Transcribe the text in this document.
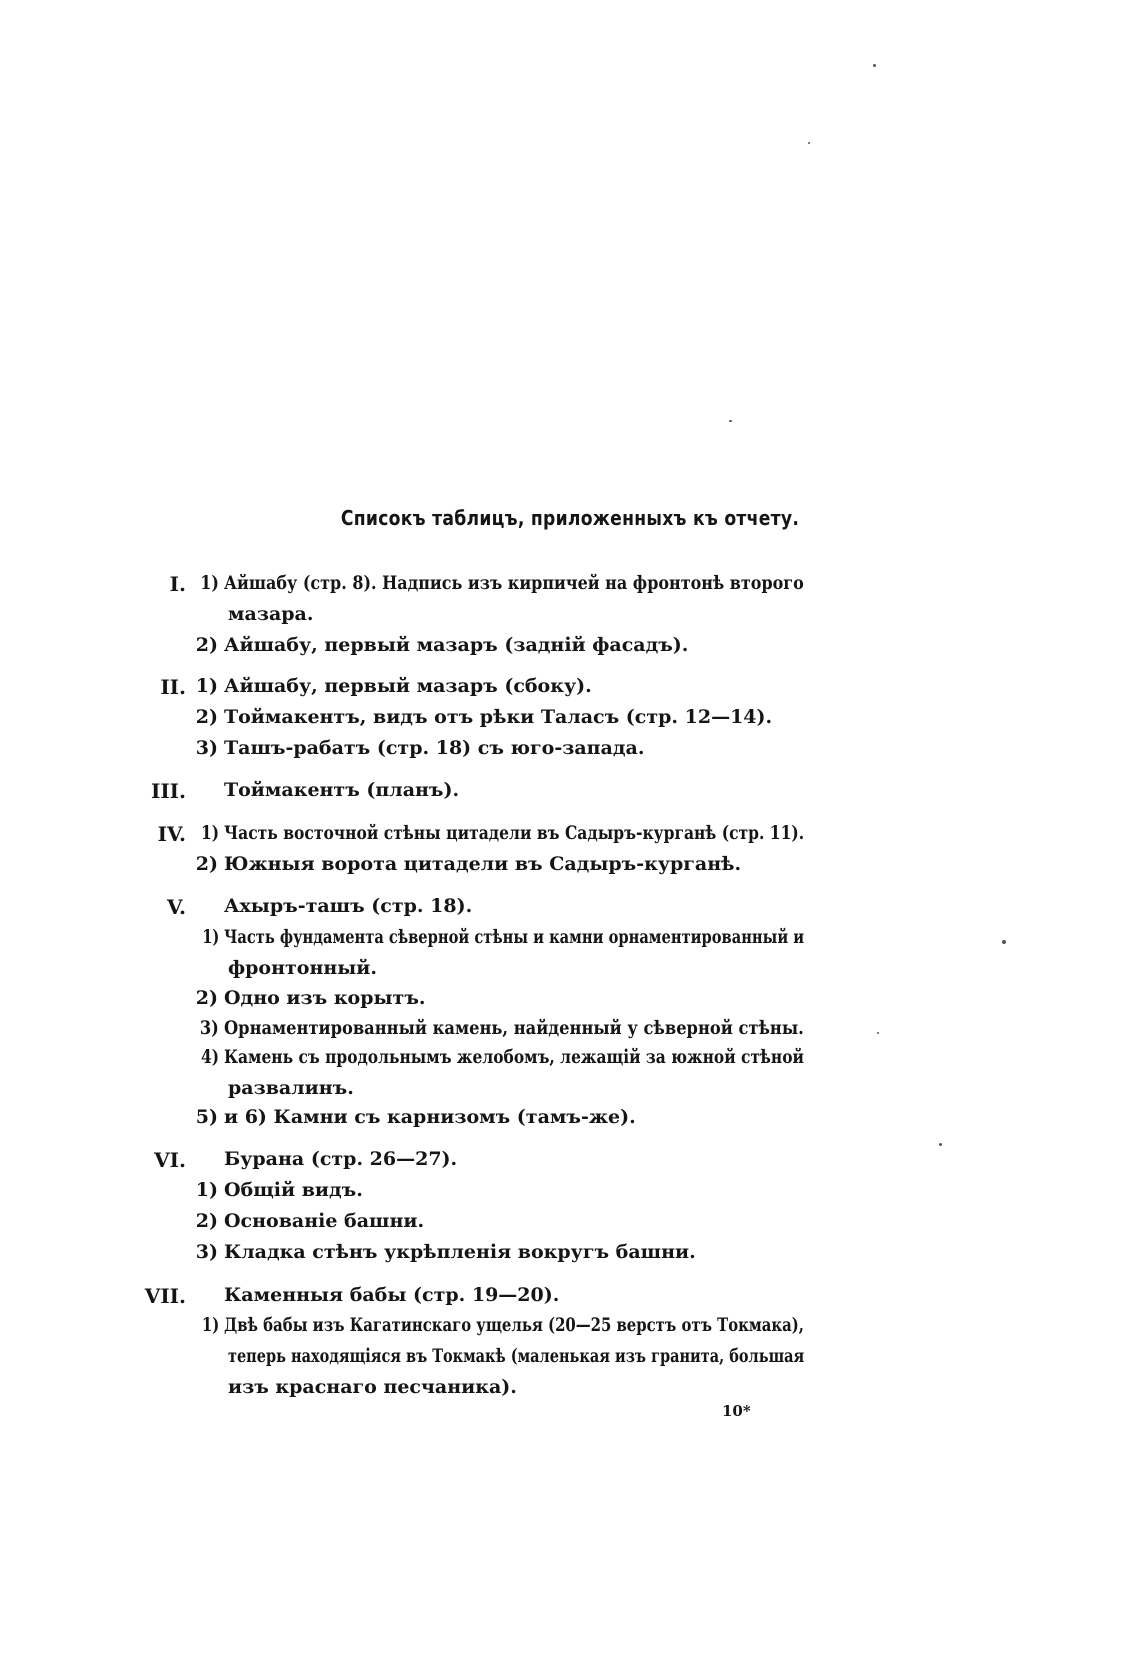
Списокъ таблицъ, приложенныхъ къ отчету.
I. 1) Айшабу (стр. 8). Надпись изъ кирпичей на фронтонѣ второго
мазара.
2) Айшабу, первый мазаръ (заднiй фасадъ).
II. 1) Айшабу, первый мазаръ (сбоку).
2) Тоймакентъ, видъ отъ рѣки Таласъ (стр. 12—14).
3) Ташъ-рабатъ (стр. 18) съ юго-запада.
III. Тоймакентъ (планъ).
IV. 1) Часть восточной стѣны цитадели въ Садыръ-курганѣ (стр. 11).
2) Южныя ворота цитадели въ Садыръ-курганѣ.
V. Ахыръ-ташъ (стр. 18).
1) Часть фундамента сѣверной стѣны и камни орнаментированный и
фронтонный.
2) Одно изъ корытъ.
3) Орнаментированный камень, найденный у сѣверной стѣны.
4) Камень съ продольнымъ желобомъ, лежащiй за южной стѣной
развалинъ.
5) и 6) Камни съ карнизомъ (тамъ-же).
VI. Бурана (стр. 26—27).
1) Общiй видъ.
2) Основанiе башни.
3) Кладка стѣнъ укрѣпленiя вокругъ башни.
VII. Каменныя бабы (стр. 19—20).
1) Двѣ бабы изъ Кагатинскаго ущелья (20—25 верстъ отъ Токмака),
теперь находящiяся въ Токмакѣ (маленькая изъ гранита, большая
изъ краснаго песчаника).
10*
